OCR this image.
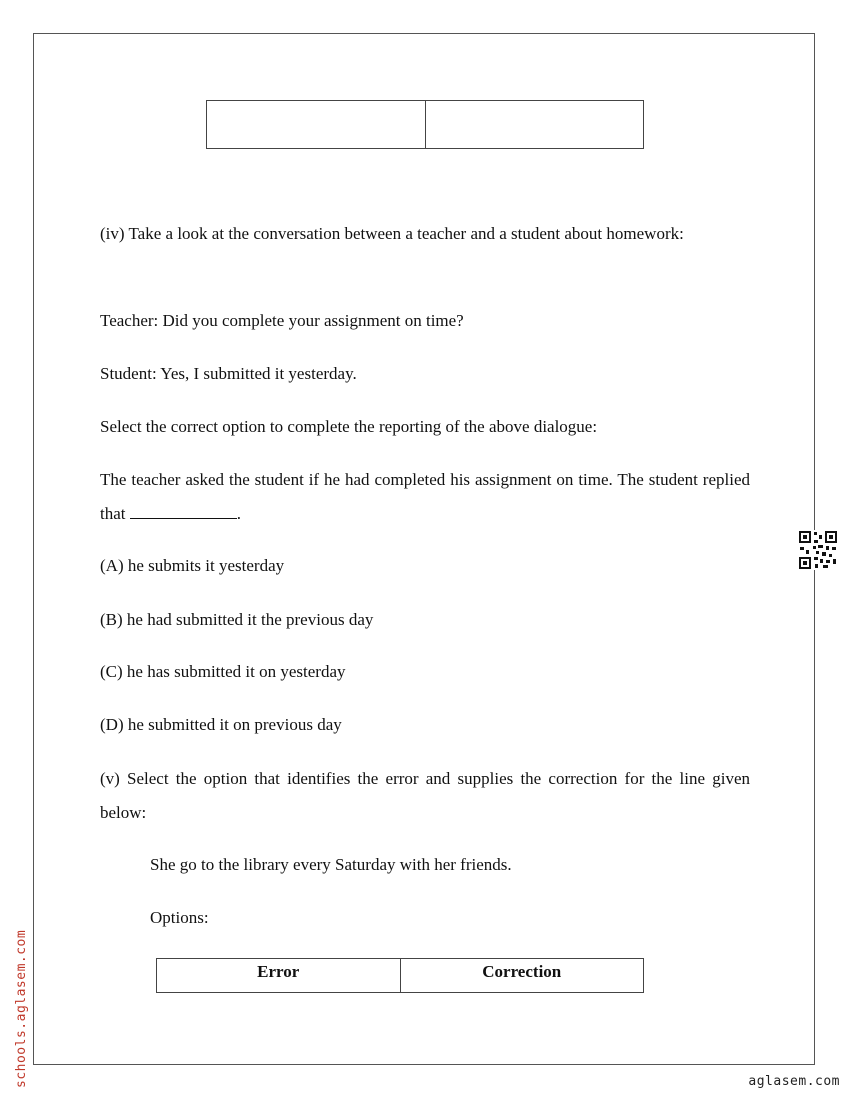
(iv) Take a look at the conversation between a teacher and a student about homework:

Teacher: Did you complete your assignment on time?

Student: Yes, I submitted it yesterday.

Select the correct option to complete the reporting of the above dialogue:

The teacher asked the student if he had completed his assignment on time. The student replied that	.

(A) he submits it yesterday

(B) he had submitted it the previous day

(C) he has submitted it on yesterday

(D) he submitted it on previous day

(v) Select the option that identifies the error and supplies the correction for the line given below:

She go to the library every Saturday with her friends.

Options:

Error	Correction
schools.aglasem.com	aglasem.com
